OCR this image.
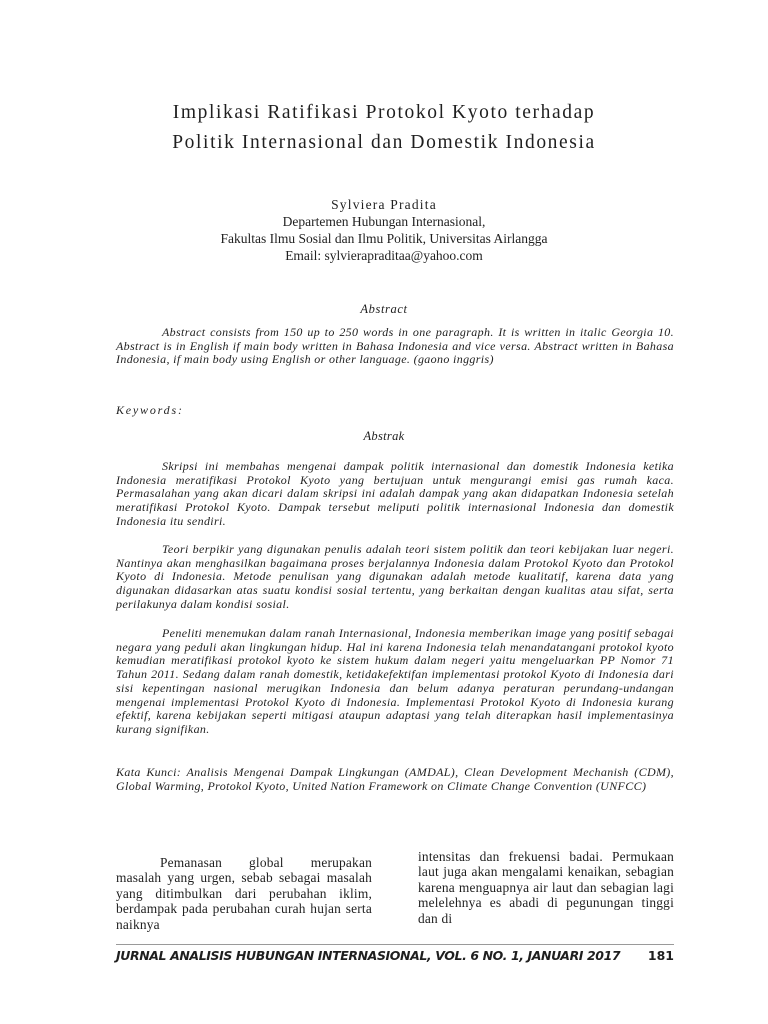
Implikasi Ratifikasi Protokol Kyoto terhadap
Politik Internasional dan Domestik Indonesia
Sylviera Pradita
Departemen Hubungan Internasional,
Fakultas Ilmu Sosial dan Ilmu Politik, Universitas Airlangga
Email: sylvierapraditaa@yahoo.com
Abstract

Abstract consists from 150 up to 250 words in one paragraph. It is written in italic Georgia 10. Abstract is in English if main body written in Bahasa Indonesia and vice versa. Abstract written in Bahasa Indonesia, if main body using English or other language. (gaono inggris)

Keywords:
Abstrak

Skripsi ini membahas mengenai dampak politik internasional dan domestik Indonesia ketika Indonesia meratifikasi Protokol Kyoto yang bertujuan untuk mengurangi emisi gas rumah kaca. Permasalahan yang akan dicari dalam skripsi ini adalah dampak yang akan didapatkan Indonesia setelah meratifikasi Protokol Kyoto. Dampak tersebut meliputi politik internasional Indonesia dan domestik Indonesia itu sendiri.

Teori berpikir yang digunakan penulis adalah teori sistem politik dan teori kebijakan luar negeri. Nantinya akan menghasilkan bagaimana proses berjalannya Indonesia dalam Protokol Kyoto dan Protokol Kyoto di Indonesia. Metode penulisan yang digunakan adalah metode kualitatif, karena data yang digunakan didasarkan atas suatu kondisi sosial tertentu, yang berkaitan dengan kualitas atau sifat, serta perilakunya dalam kondisi sosial.

Peneliti menemukan dalam ranah Internasional, Indonesia memberikan image yang positif sebagai negara yang peduli akan lingkungan hidup. Hal ini karena Indonesia telah menandatangani protokol kyoto kemudian meratifikasi protokol kyoto ke sistem hukum dalam negeri yaitu mengeluarkan PP Nomor 71 Tahun 2011. Sedang dalam ranah domestik, ketidakefektifan implementasi protokol Kyoto di Indonesia dari sisi kepentingan nasional merugikan Indonesia dan belum adanya peraturan perundang-undangan mengenai implementasi Protokol Kyoto di Indonesia. Implementasi Protokol Kyoto di Indonesia kurang efektif, karena kebijakan seperti mitigasi ataupun adaptasi yang telah diterapkan hasil implementasinya kurang signifikan.

Kata Kunci: Analisis Mengenai Dampak Lingkungan (AMDAL), Clean Development Mechanish (CDM), Global Warming, Protokol Kyoto, United Nation Framework on Climate Change Convention (UNFCC)

Pemanasan global merupakan masalah yang urgen, sebab sebagai masalah yang ditimbulkan dari perubahan iklim, berdampak pada perubahan curah hujan serta naiknya

intensitas dan frekuensi badai. Permukaan laut juga akan mengalami kenaikan, sebagian karena menguapnya air laut dan sebagian lagi melelehnya es abadi di pegunungan tinggi dan di

JURNAL ANALISIS HUBUNGAN INTERNASIONAL, VOL. 6 NO. 1, JANUARI 2017	181
